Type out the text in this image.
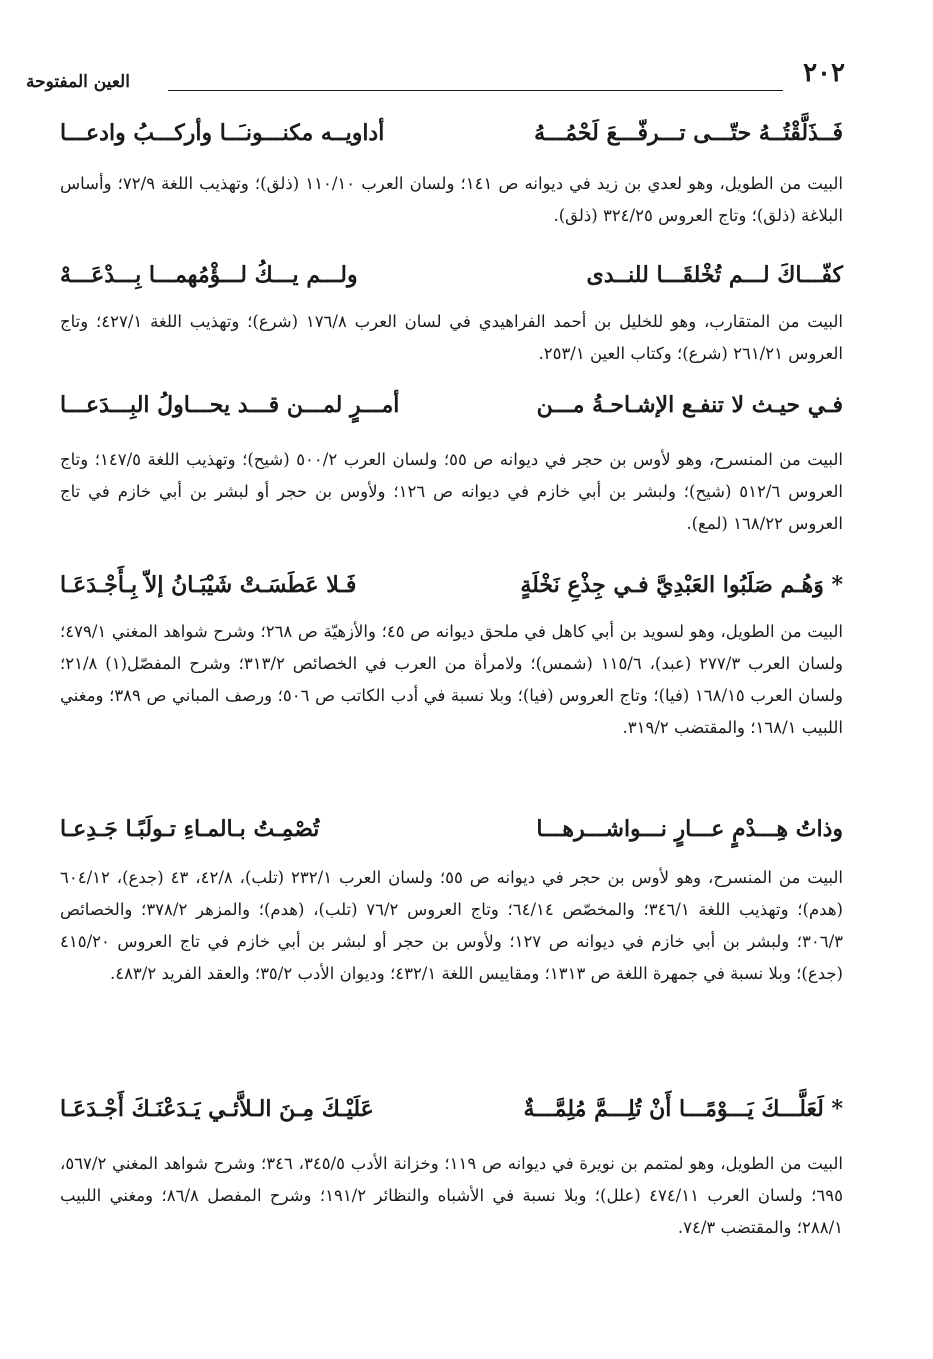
٢٠٢
العين المفتوحة
فَــذَلَّقْتُــهُ حتّـــى تـــرفّـــعَ لَحْمُـــهُ
أداويــه مكنـــونـَــا وأركـــبُ وادعـــا
البيت من الطويل، وهو لعدي بن زيد في ديوانه ص ١٤١؛ ولسان العرب ١١٠/١٠ (ذلق)؛ وتهذيب اللغة ٧٢/٩؛ وأساس البلاغة (ذلق)؛ وتاج العروس ٣٢٤/٢٥ (ذلق).
كفّـــاكَ لـــم تُخْلقَـــا للنــدى
ولـــم يـــكُ لـــؤْمُهمـــا بِـــدْعَـــهْ
البيت من المتقارب، وهو للخليل بن أحمد الفراهيدي في لسان العرب ١٧٦/٨ (شرع)؛ وتهذيب اللغة ٤٢٧/١؛ وتاج العروس ٢٦١/٢١ (شرع)؛ وكتاب العين ٢٥٣/١.
فـي حيـث لا تنفـع الإشـاحـةُ مـــن
أمـــرٍ لمـــن قـــد يحـــاولُ البِـــدَعـــا
البيت من المنسرح، وهو لأوس بن حجر في ديوانه ص ٥٥؛ ولسان العرب ٥٠٠/٢ (شيح)؛ وتهذيب اللغة ١٤٧/٥؛ وتاج العروس ٥١٢/٦ (شيح)؛ ولبشر بن أبي خازم في ديوانه ص ١٢٦؛ ولأوس بن حجر أو لبشر بن أبي خازم في تاج العروس ١٦٨/٢٢ (لمع).
* وَهُـم صَلَبُوا العَبْدِيَّ فـي جِذْعِ نَخْلَةٍ
فَـلا عَطَسَـتْ شَيْبَـانُ إلاّ بِـأَجْـدَعَـا
البيت من الطويل، وهو لسويد بن أبي كاهل في ملحق ديوانه ص ٤٥؛ والأزهيّة ص ٢٦٨؛ وشرح شواهد المغني ٤٧٩/١؛ ولسان العرب ٢٧٧/٣ (عبد)، ١١٥/٦ (شمس)؛ ولامرأة من العرب في الخصائص ٣١٣/٢؛ وشرح المفصّل(١) ٢١/٨؛ ولسان العرب ١٦٨/١٥ (فيا)؛ وتاج العروس (فيا)؛ وبلا نسبة في أدب الكاتب ص ٥٠٦؛ ورصف المباني ص ٣٨٩؛ ومغني اللبيب ١٦٨/١؛ والمقتضب ٣١٩/٢.
وذاتُ هِـــدْمٍ عـــارٍ نـــواشـــرهـــا
تُصْمِـتُ بـالمـاءِ تـولَبًـا جَـدِعـا
البيت من المنسرح، وهو لأوس بن حجر في ديوانه ص ٥٥؛ ولسان العرب ٢٣٢/١ (تلب)، ٤٢/٨، ٤٣ (جدع)، ٦٠٤/١٢ (هدم)؛ وتهذيب اللغة ٣٤٦/١؛ والمخصّص ٦٤/١٤؛ وتاج العروس ٧٦/٢ (تلب)، (هدم)؛ والمزهر ٣٧٨/٢؛ والخصائص ٣٠٦/٣؛ ولبشر بن أبي خازم في ديوانه ص ١٢٧؛ ولأوس بن حجر أو لبشر بن أبي خازم في تاج العروس ٤١٥/٢٠ (جدع)؛ وبلا نسبة في جمهرة اللغة ص ١٣١٣؛ ومقاييس اللغة ٤٣٢/١؛ وديوان الأدب ٣٥/٢؛ والعقد الفريد ٤٨٣/٢.
* لَعَلَّـــكَ يَـــوْمًـــا أَنْ تُلِـــمَّ مُلِمَّـــةٌ
عَلَيْـكَ مِـنَ الـلاَّئـي يَـدَعْنَـكَ أَجْـدَعَـا
البيت من الطويل، وهو لمتمم بن نويرة في ديوانه ص ١١٩؛ وخزانة الأدب ٣٤٥/٥، ٣٤٦؛ وشرح شواهد المغني ٥٦٧/٢، ٦٩٥؛ ولسان العرب ٤٧٤/١١ (علل)؛ وبلا نسبة في الأشباه والنظائر ١٩١/٢؛ وشرح المفصل ٨٦/٨؛ ومغني اللبيب ٢٨٨/١؛ والمقتضب ٧٤/٣.
